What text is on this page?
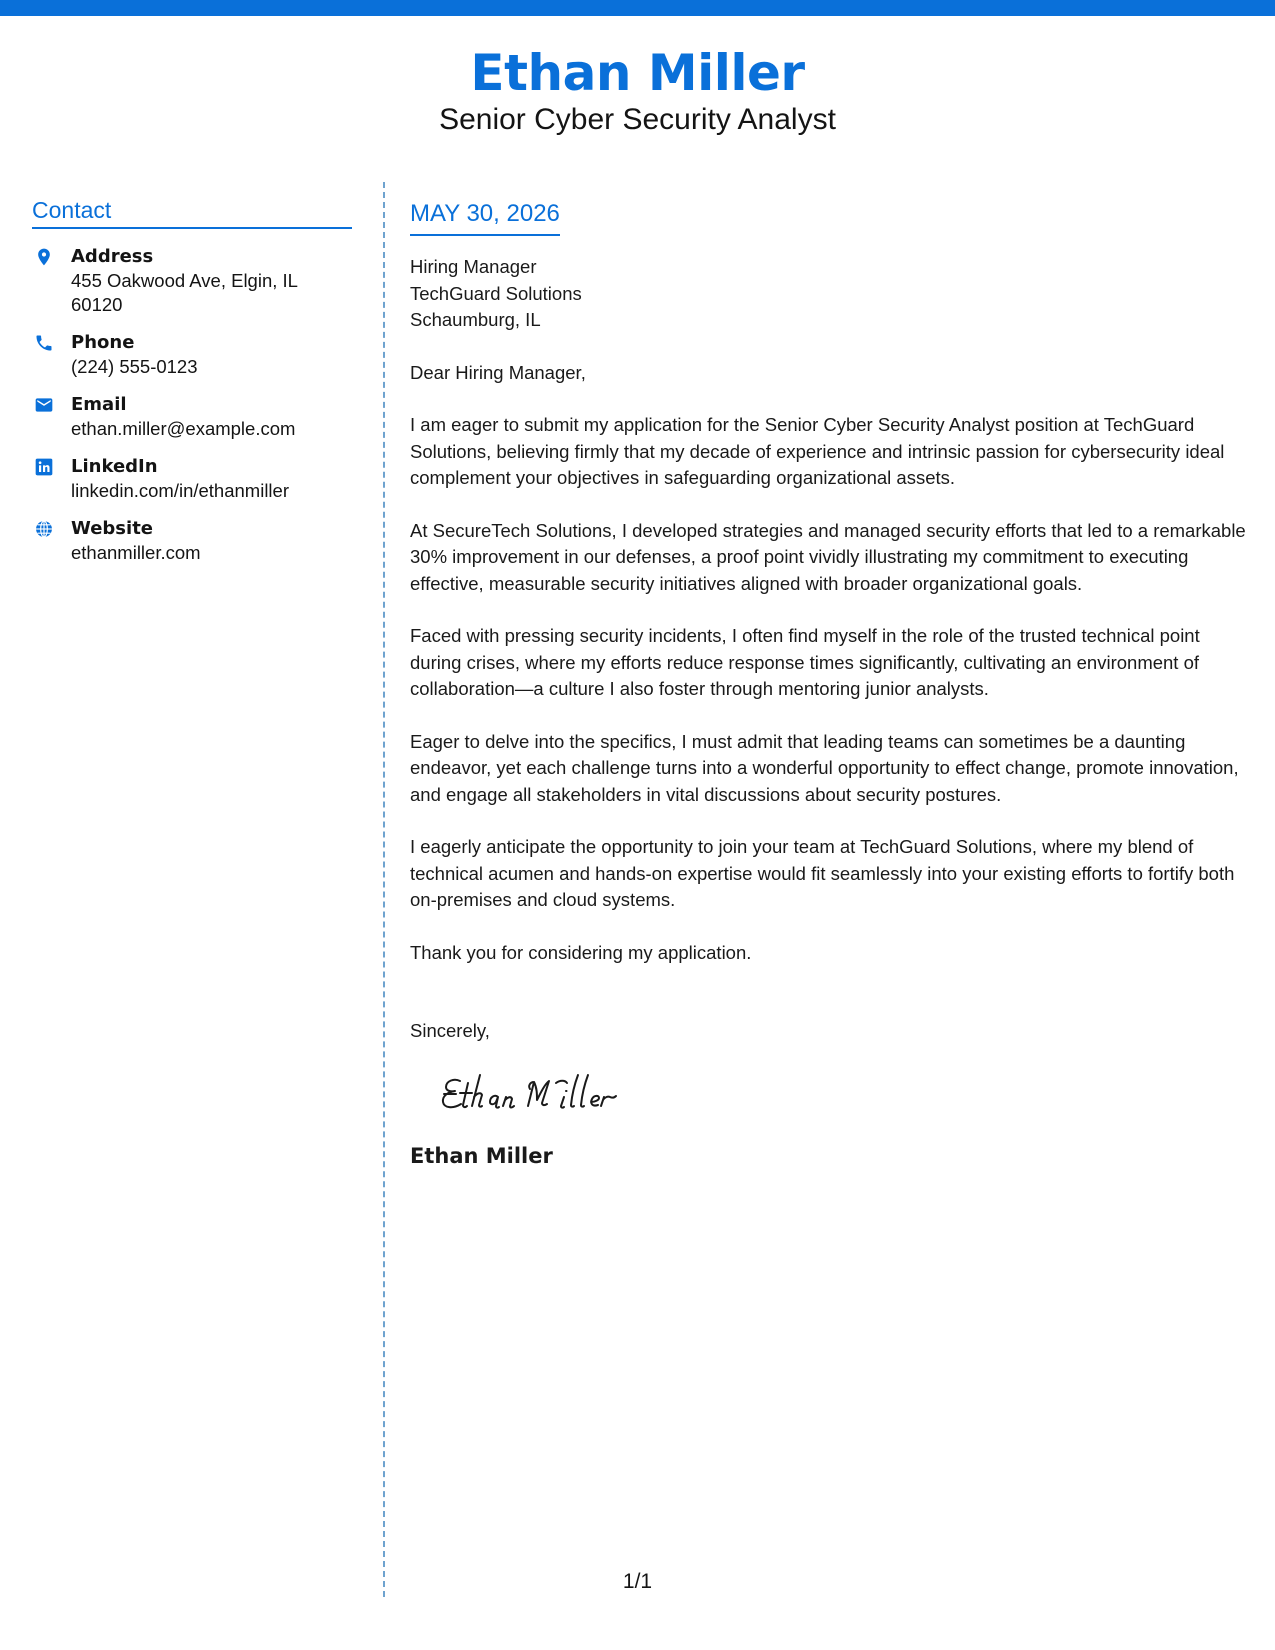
Ethan Miller
Senior Cyber Security Analyst
Contact
Address
455 Oakwood Ave, Elgin, IL 60120
Phone
(224) 555-0123
Email
ethan.miller@example.com
LinkedIn
linkedin.com/in/ethanmiller
Website
ethanmiller.com
MAY 30, 2026
Hiring Manager
TechGuard Solutions
Schaumburg, IL
Dear Hiring Manager,
I am eager to submit my application for the Senior Cyber Security Analyst position at TechGuard Solutions, believing firmly that my decade of experience and intrinsic passion for cybersecurity ideal complement your objectives in safeguarding organizational assets.
At SecureTech Solutions, I developed strategies and managed security efforts that led to a remarkable 30% improvement in our defenses, a proof point vividly illustrating my commitment to executing effective, measurable security initiatives aligned with broader organizational goals.
Faced with pressing security incidents, I often find myself in the role of the trusted technical point during crises, where my efforts reduce response times significantly, cultivating an environment of collaboration—a culture I also foster through mentoring junior analysts.
Eager to delve into the specifics, I must admit that leading teams can sometimes be a daunting endeavor, yet each challenge turns into a wonderful opportunity to effect change, promote innovation, and engage all stakeholders in vital discussions about security postures.
I eagerly anticipate the opportunity to join your team at TechGuard Solutions, where my blend of technical acumen and hands-on expertise would fit seamlessly into your existing efforts to fortify both on-premises and cloud systems.
Thank you for considering my application.
Sincerely,
Ethan Miller
1/1
